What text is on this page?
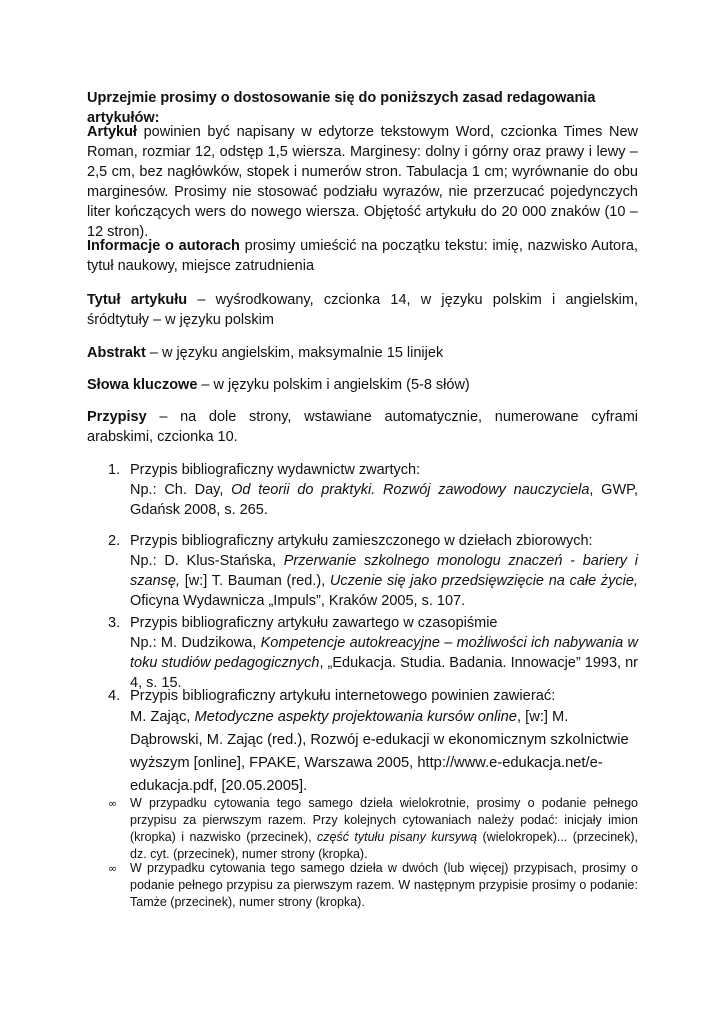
Uprzejmie prosimy o dostosowanie się do poniższych zasad redagowania artykułów:
Artykuł powinien być napisany w edytorze tekstowym Word, czcionka Times New Roman, rozmiar 12, odstęp 1,5 wiersza. Marginesy: dolny i górny oraz prawy i lewy – 2,5 cm, bez nagłówków, stopek i numerów stron. Tabulacja 1 cm; wyrównanie do obu marginesów. Prosimy nie stosować podziału wyrazów, nie przerzucać pojedynczych liter kończących wers do nowego wiersza. Objętość artykułu do 20 000 znaków (10 – 12 stron).
Informacje o autorach prosimy umieścić na początku tekstu: imię, nazwisko Autora, tytuł naukowy, miejsce zatrudnienia
Tytuł artykułu – wyśrodkowany, czcionka 14, w języku polskim i angielskim, śródtytuły – w języku polskim
Abstrakt – w języku angielskim, maksymalnie 15 linijek
Słowa kluczowe – w języku polskim i angielskim (5-8 słów)
Przypisy – na dole strony, wstawiane automatycznie, numerowane cyframi arabskimi, czcionka 10.
1. Przypis bibliograficzny wydawnictw zwartych:
Np.: Ch. Day, Od teorii do praktyki. Rozwój zawodowy nauczyciela, GWP, Gdańsk 2008, s. 265.
2. Przypis bibliograficzny artykułu zamieszczonego w dziełach zbiorowych:
Np.: D. Klus-Stańska, Przerwanie szkolnego monologu znaczeń - bariery i szansę, [w:] T. Bauman (red.), Uczenie się jako przedsięwzięcie na całe życie, Oficyna Wydawnicza „Impuls”, Kraków 2005, s. 107.
3. Przypis bibliograficzny artykułu zawartego w czasopiśmie
Np.: M. Dudzikowa, Kompetencje autokreacyjne – możliwości ich nabywania w toku studiów pedagogicznych, „Edukacja. Studia. Badania. Innowacje” 1993, nr 4, s. 15.
4. Przypis bibliograficzny artykułu internetowego powinien zawierać:
M. Zając, Metodyczne aspekty projektowania kursów online, [w:] M. Dąbrowski, M. Zając (red.), Rozwój e-edukacji w ekonomicznym szkolnictwie wyższym [online], FPAKE, Warszawa 2005, http://www.e-edukacja.net/e-edukacja.pdf, [20.05.2005].
∞ W przypadku cytowania tego samego dzieła wielokrotnie, prosimy o podanie pełnego przypisu za pierwszym razem. Przy kolejnych cytowaniach należy podać: inicjały imion (kropka) i nazwisko (przecinek), część tytułu pisany kursywą (wielokropek)... (przecinek), dz. cyt. (przecinek), numer strony (kropka).
∞ W przypadku cytowania tego samego dzieła w dwóch (lub więcej) przypisach, prosimy o podanie pełnego przypisu za pierwszym razem. W następnym przypisie prosimy o podanie: Tamże (przecinek), numer strony (kropka).
